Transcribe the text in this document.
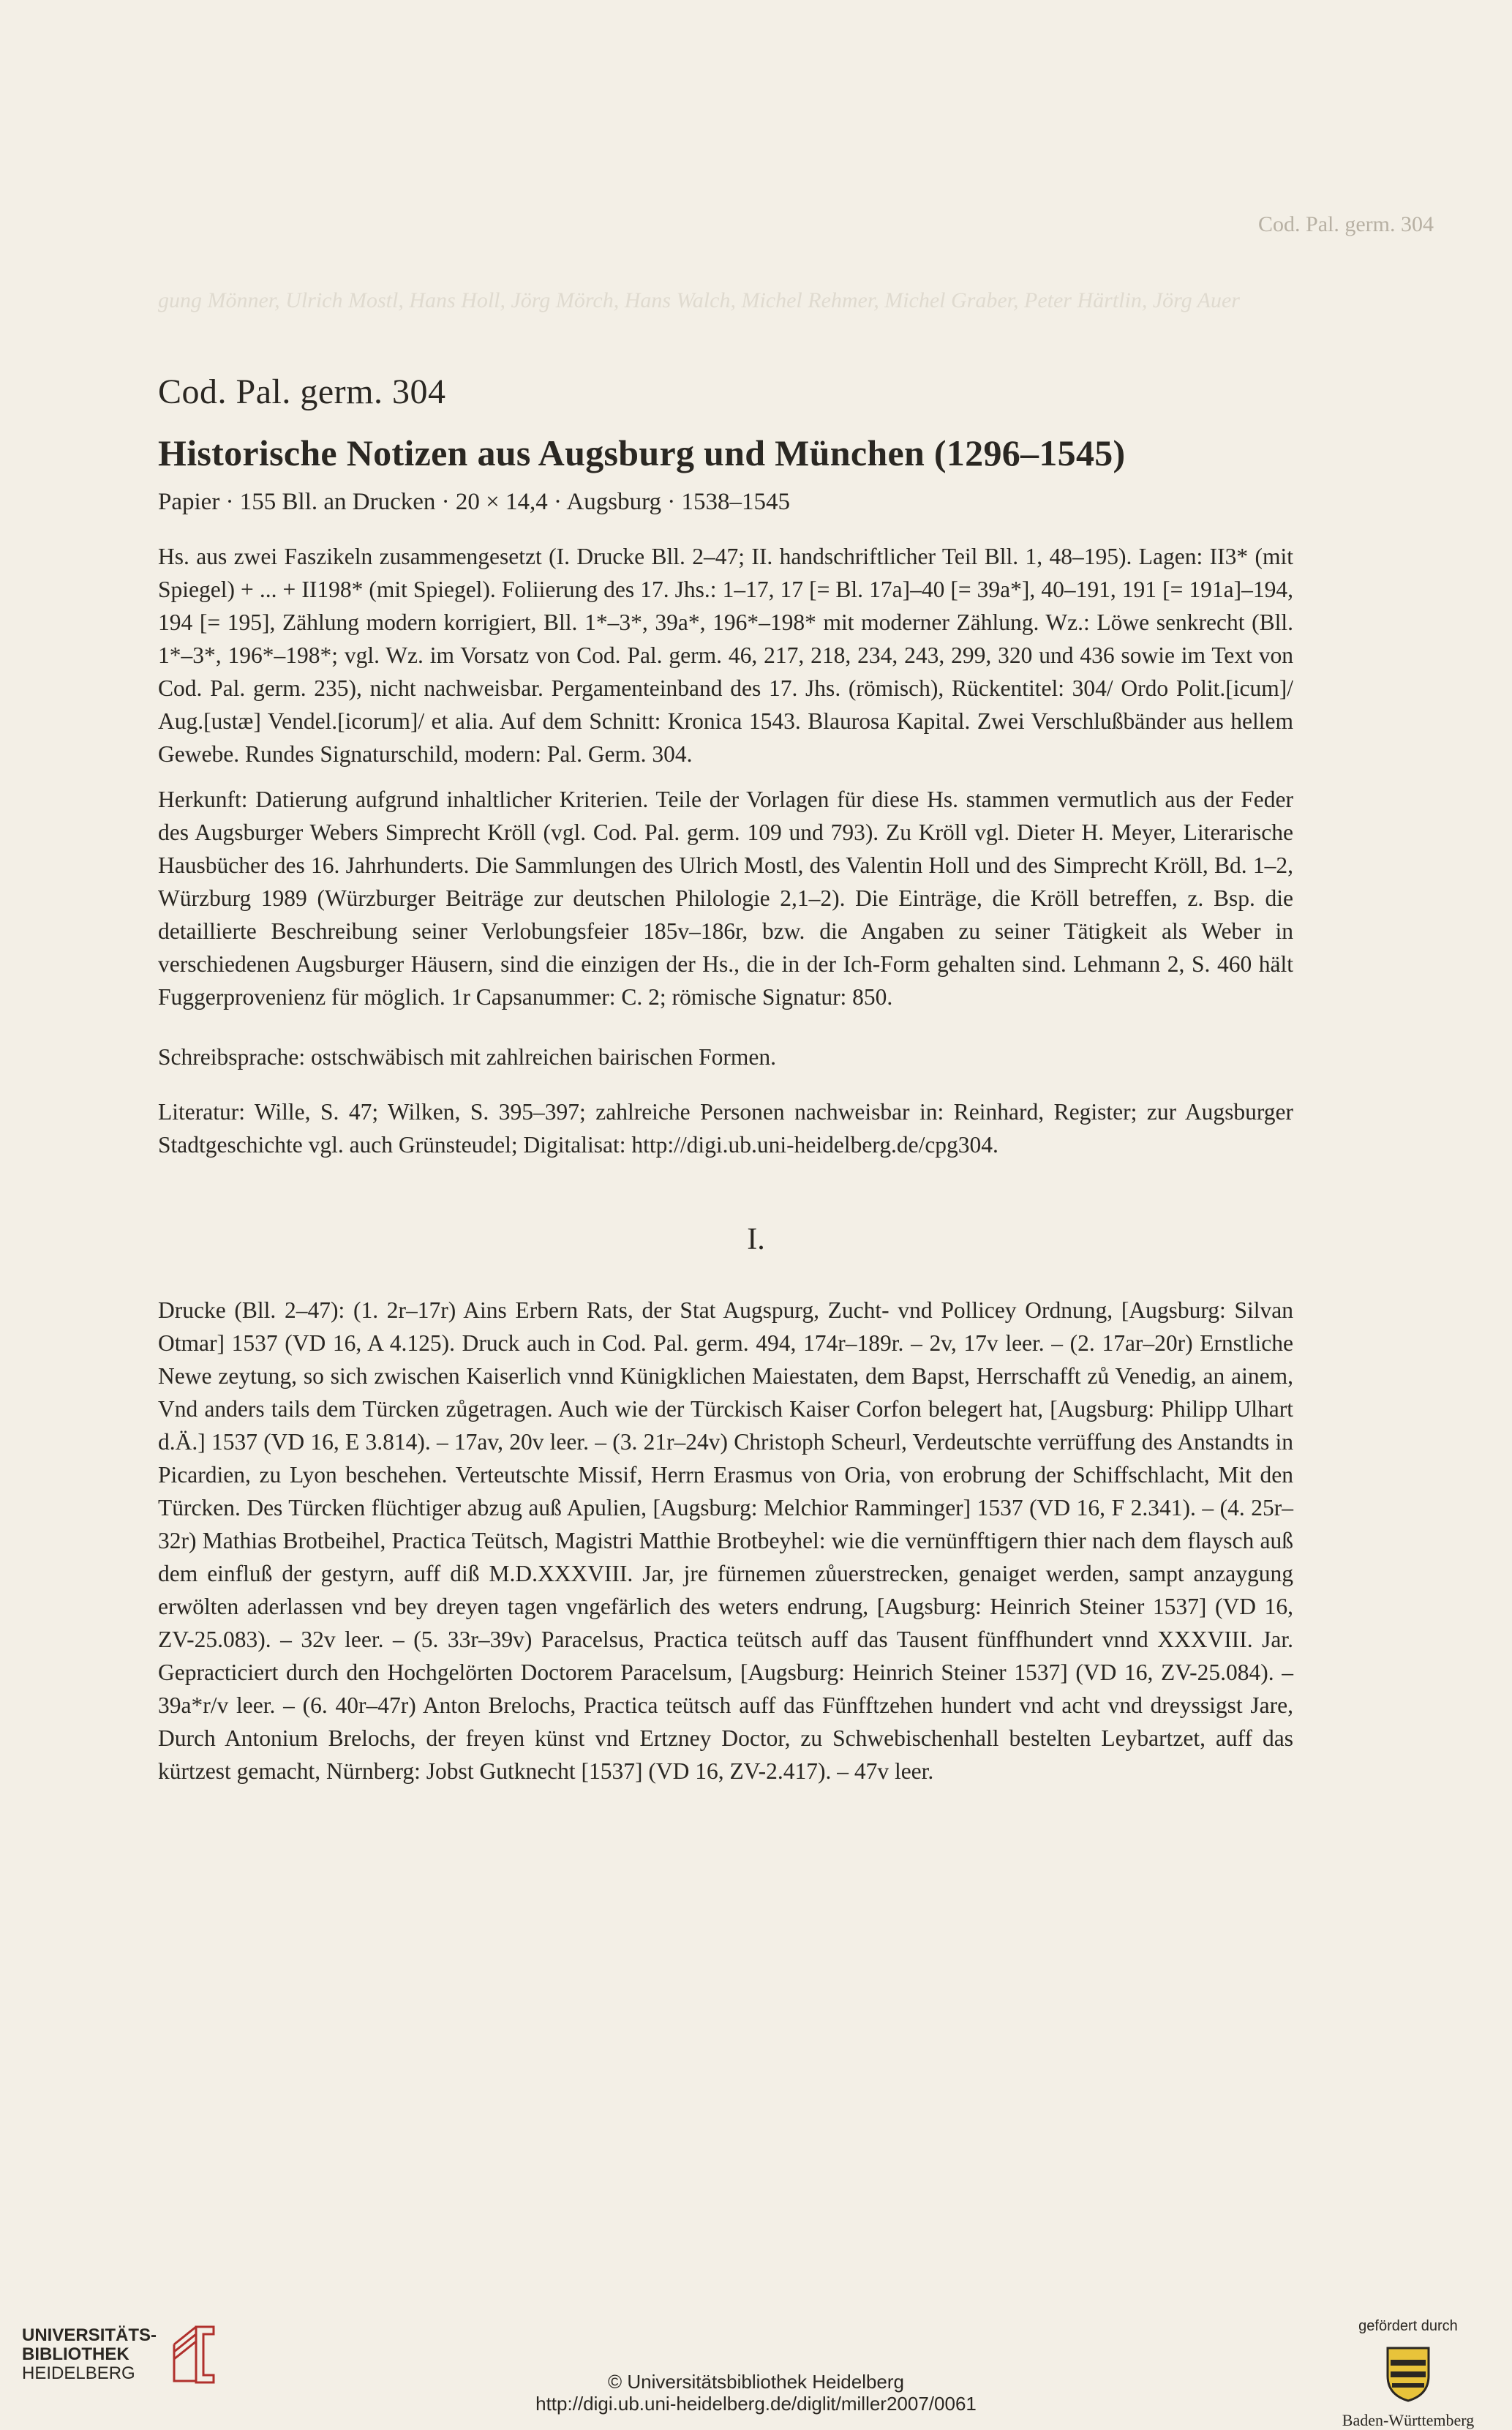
gung Mönner, Ulrich Mostl, Hans Holl, Jörg Mörch, Hans Walch, Michel Rehmer, Michel Graber, Peter Härtlin, Jörg Auer
Cod. Pal. germ. 304
Cod. Pal. germ. 304
Historische Notizen aus Augsburg und München (1296–1545)
Papier · 155 Bll. an Drucken · 20 × 14,4 · Augsburg · 1538–1545

Hs. aus zwei Faszikeln zusammengesetzt (I. Drucke Bll. 2–47; II. handschriftlicher Teil Bll. 1, 48–195). Lagen: II3* (mit Spiegel) + ... + II198* (mit Spiegel). Foliierung des 17. Jhs.: 1–17, 17 [= Bl. 17a]–40 [= 39a*], 40–191, 191 [= 191a]–194, 194 [= 195], Zählung modern korrigiert, Bll. 1*–3*, 39a*, 196*–198* mit moderner Zählung. Wz.: Löwe senkrecht (Bll. 1*–3*, 196*–198*; vgl. Wz. im Vorsatz von Cod. Pal. germ. 46, 217, 218, 234, 243, 299, 320 und 436 sowie im Text von Cod. Pal. germ. 235), nicht nachweisbar. Pergamenteinband des 17. Jhs. (römisch), Rückentitel: 304/ Ordo Polit.[icum]/ Aug.[ustæ] Vendel.[icorum]/ et alia. Auf dem Schnitt: Kronica 1543. Blaurosa Kapital. Zwei Verschlußbänder aus hellem Gewebe. Rundes Signaturschild, modern: Pal. Germ. 304.

Herkunft: Datierung aufgrund inhaltlicher Kriterien. Teile der Vorlagen für diese Hs. stammen vermutlich aus der Feder des Augsburger Webers Simprecht Kröll (vgl. Cod. Pal. germ. 109 und 793). Zu Kröll vgl. Dieter H. Meyer, Literarische Hausbücher des 16. Jahrhunderts. Die Sammlungen des Ulrich Mostl, des Valentin Holl und des Simprecht Kröll, Bd. 1–2, Würzburg 1989 (Würzburger Beiträge zur deutschen Philologie 2,1–2). Die Einträge, die Kröll betreffen, z. Bsp. die detaillierte Beschreibung seiner Verlobungsfeier 185v–186r, bzw. die Angaben zu seiner Tätigkeit als Weber in verschiedenen Augsburger Häusern, sind die einzigen der Hs., die in der Ich-Form gehalten sind. Lehmann 2, S. 460 hält Fuggerprovenienz für möglich. 1r Capsanummer: C. 2; römische Signatur: 850.

Schreibsprache: ostschwäbisch mit zahlreichen bairischen Formen.

Literatur: Wille, S. 47; Wilken, S. 395–397; zahlreiche Personen nachweisbar in: Reinhard, Register; zur Augsburger Stadtgeschichte vgl. auch Grünsteudel; Digitalisat: http://digi.ub.uni-heidelberg.de/cpg304.

I.

Drucke (Bll. 2–47): (1. 2r–17r) Ains Erbern Rats, der Stat Augspurg, Zucht- vnd Pollicey Ordnung, [Augsburg: Silvan Otmar] 1537 (VD 16, A 4.125). Druck auch in Cod. Pal. germ. 494, 174r–189r. – 2v, 17v leer. – (2. 17ar–20r) Ernstliche Newe zeytung, so sich zwischen Kaiserlich vnnd Künigklichen Maiestaten, dem Bapst, Herrschafft zů Venedig, an ainem, Vnd anders tails dem Türcken zůgetragen. Auch wie der Türckisch Kaiser Corfon belegert hat, [Augsburg: Philipp Ulhart d.Ä.] 1537 (VD 16, E 3.814). – 17av, 20v leer. – (3. 21r–24v) Christoph Scheurl, Verdeutschte verrüffung des Anstandts in Picardien, zu Lyon beschehen. Verteutschte Missif, Herrn Erasmus von Oria, von erobrung der Schiffschlacht, Mit den Türcken. Des Türcken flüchtiger abzug auß Apulien, [Augsburg: Melchior Ramminger] 1537 (VD 16, F 2.341). – (4. 25r–32r) Mathias Brotbeihel, Practica Teütsch, Magistri Matthie Brotbeyhel: wie die vernünfftigern thier nach dem flaysch auß dem einfluß der gestyrn, auff diß M.D.XXXVIII. Jar, jre fürnemen zůuerstrecken, genaiget werden, sampt anzaygung erwölten aderlassen vnd bey dreyen tagen vngefärlich des weters endrung, [Augsburg: Heinrich Steiner 1537] (VD 16, ZV-25.083). – 32v leer. – (5. 33r–39v) Paracelsus, Practica teütsch auff das Tausent fünffhundert vnnd XXXVIII. Jar. Gepracticiert durch den Hochgelörten Doctorem Paracelsum, [Augsburg: Heinrich Steiner 1537] (VD 16, ZV-25.084). – 39a*r/v leer. – (6. 40r–47r) Anton Brelochs, Practica teütsch auff das Fünfftzehen hundert vnd acht vnd dreyssigst Jare, Durch Antonium Brelochs, der freyen künst vnd Ertzney Doctor, zu Schwebischenhall bestelten Leybartzet, auff das kürtzest gemacht, Nürnberg: Jobst Gutknecht [1537] (VD 16, ZV-2.417). – 47v leer.

UNIVERSITÄTS-
BIBLIOTHEK
HEIDELBERG	© Universitätsbibliothek Heidelberg
http://digi.ub.uni-heidelberg.de/diglit/miller2007/0061
gefördert durch
Baden-Württemberg
